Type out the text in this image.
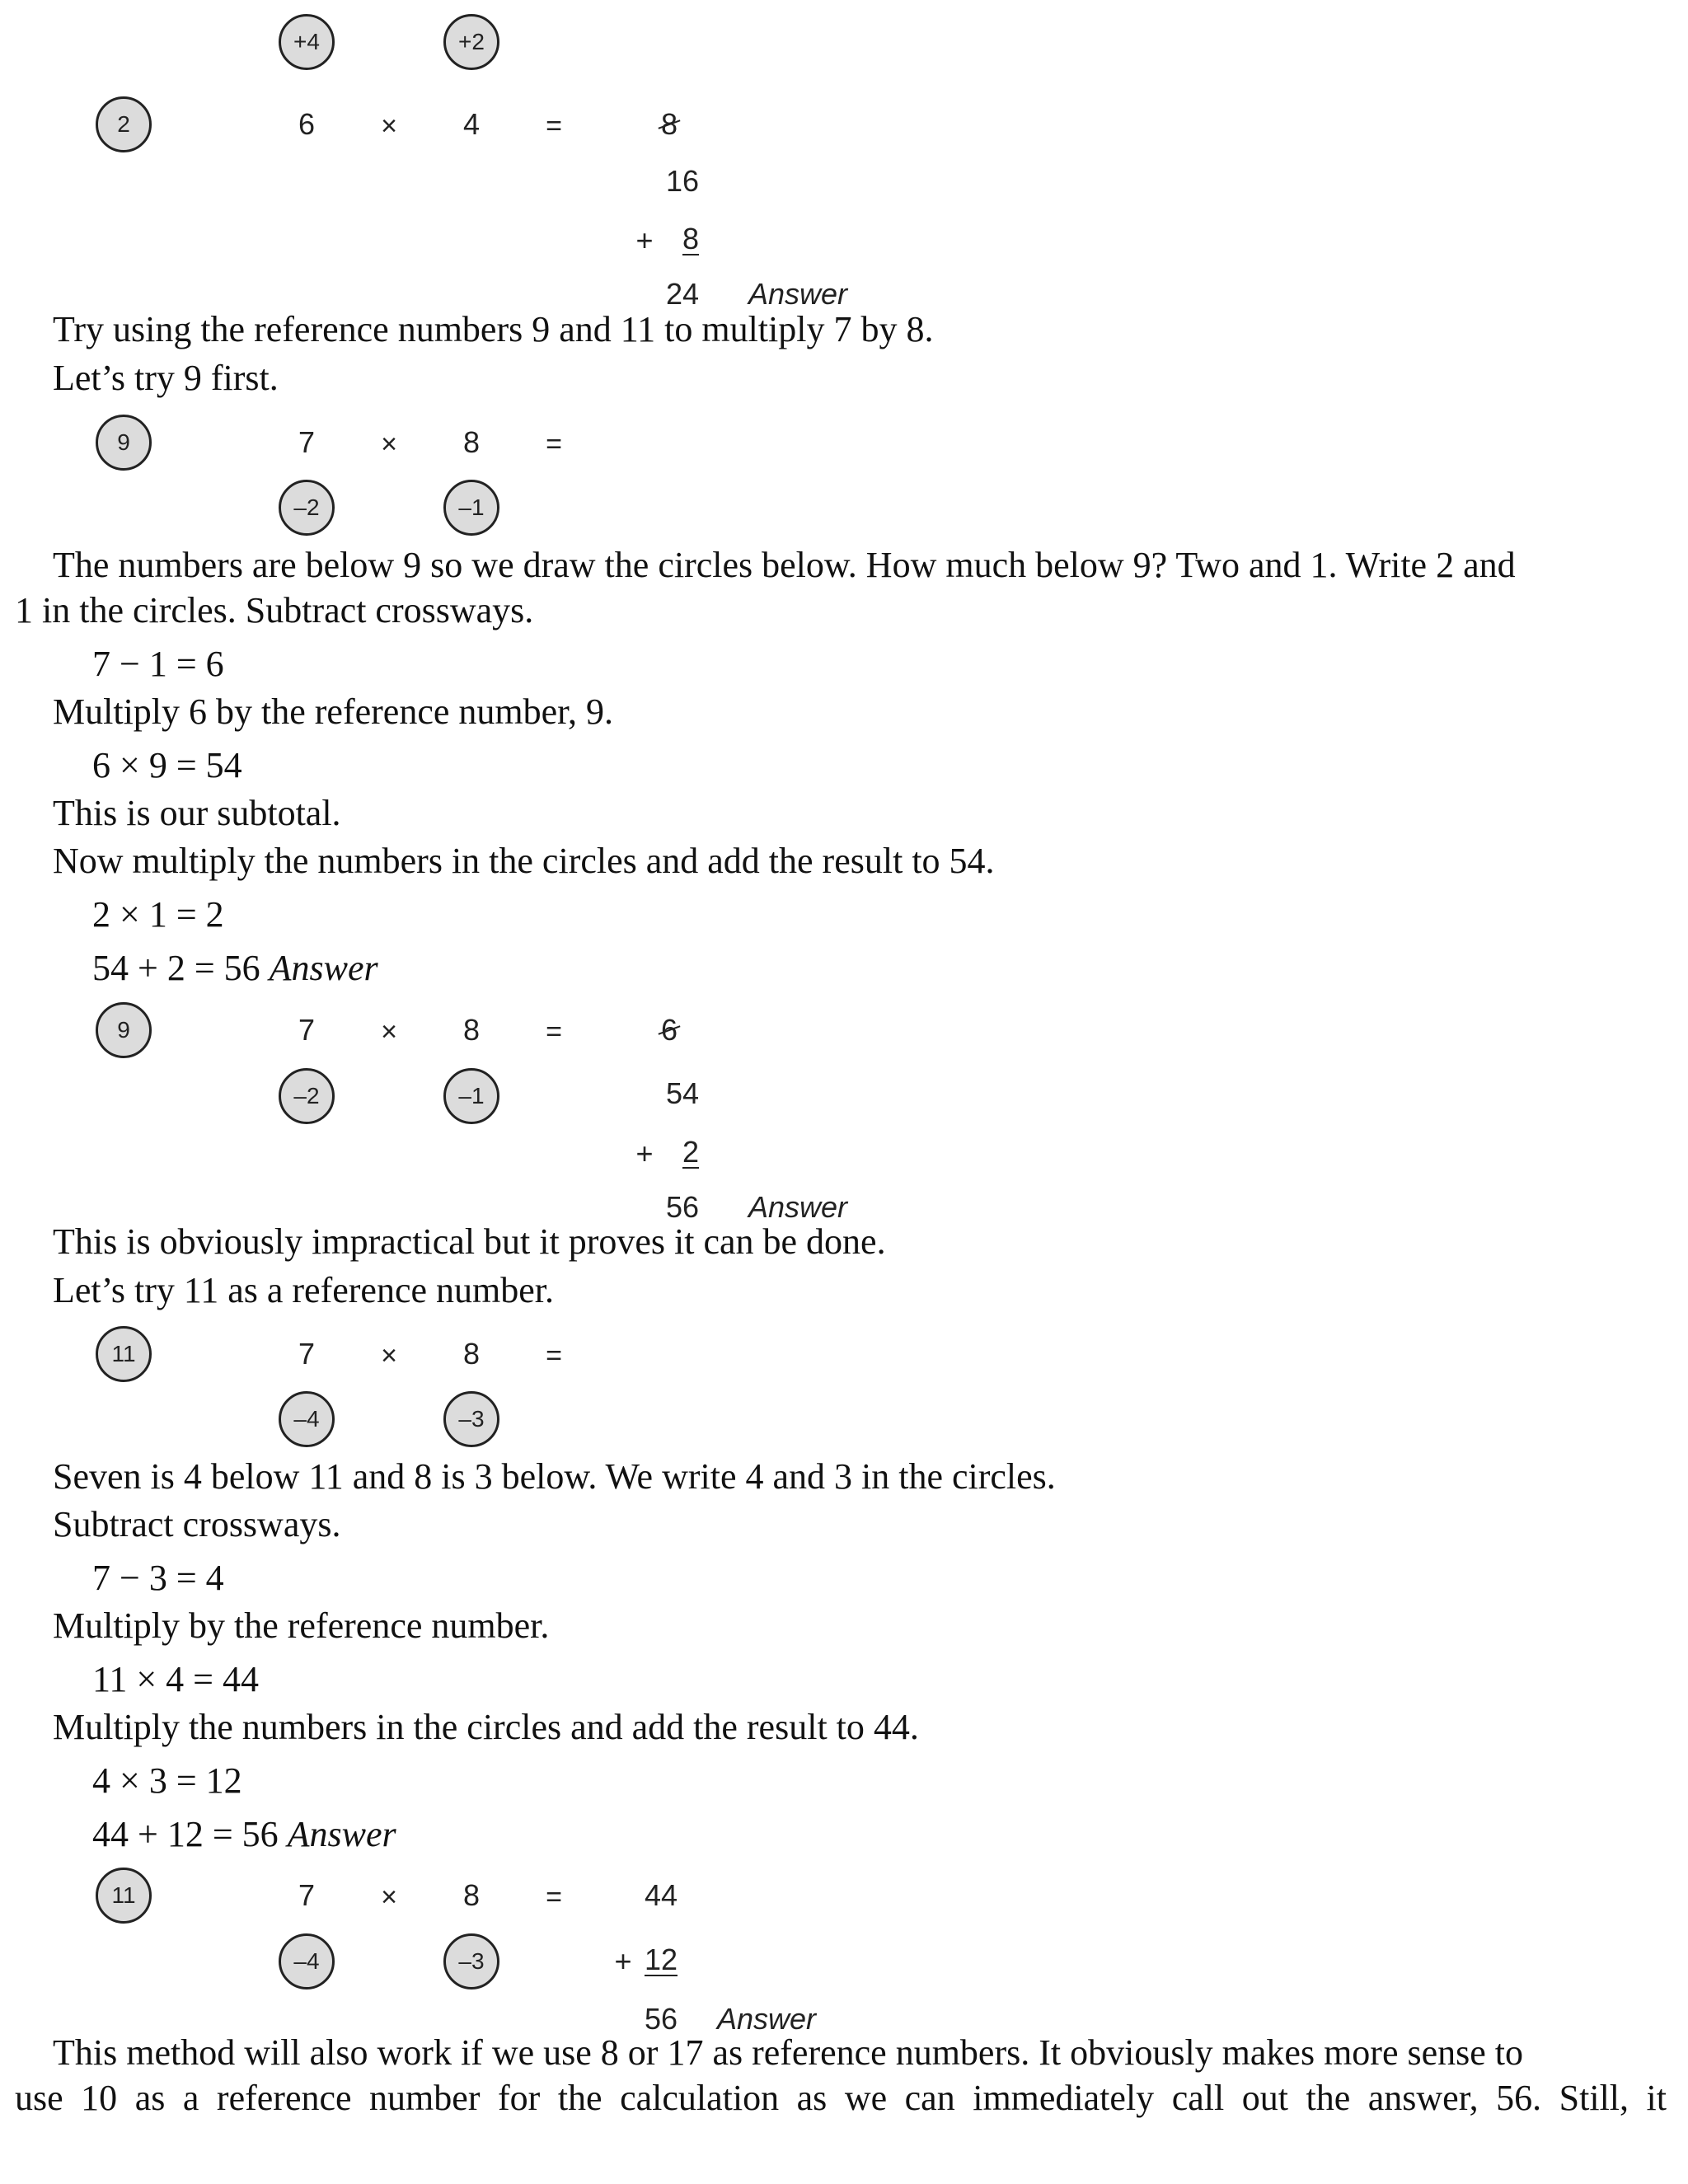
+4	+2
2	6 × 4 =	8
16
+ 8
24 Answer

Try using the reference numbers 9 and 11 to multiply 7 by 8.

Let’s try 9 first.

9	7 × 8 =
–2	–1

The numbers are below 9 so we draw the circles below. How much below 9? Two and 1. Write 2 and

1 in the circles. Subtract crossways.

7 − 1 = 6

Multiply 6 by the reference number, 9.

6 × 9 = 54

This is our subtotal.

Now multiply the numbers in the circles and add the result to 54.

2 × 1 = 2

54 + 2 = 56 Answer

9	7 × 8 =	6
–2	–1	54
+ 2
56 Answer

This is obviously impractical but it proves it can be done.

Let’s try 11 as a reference number.

11	7 × 8 =
–4	–3

Seven is 4 below 11 and 8 is 3 below. We write 4 and 3 in the circles.

Subtract crossways.

7 − 3 = 4

Multiply by the reference number.

11 × 4 = 44

Multiply the numbers in the circles and add the result to 44.

4 × 3 = 12

44 + 12 = 56 Answer

11	7 × 8 =	44
–4	–3	+ 12
56 Answer

This method will also work if we use 8 or 17 as reference numbers. It obviously makes more sense to

use 10 as a reference number for the calculation as we can immediately call out the answer, 56. Still, it
